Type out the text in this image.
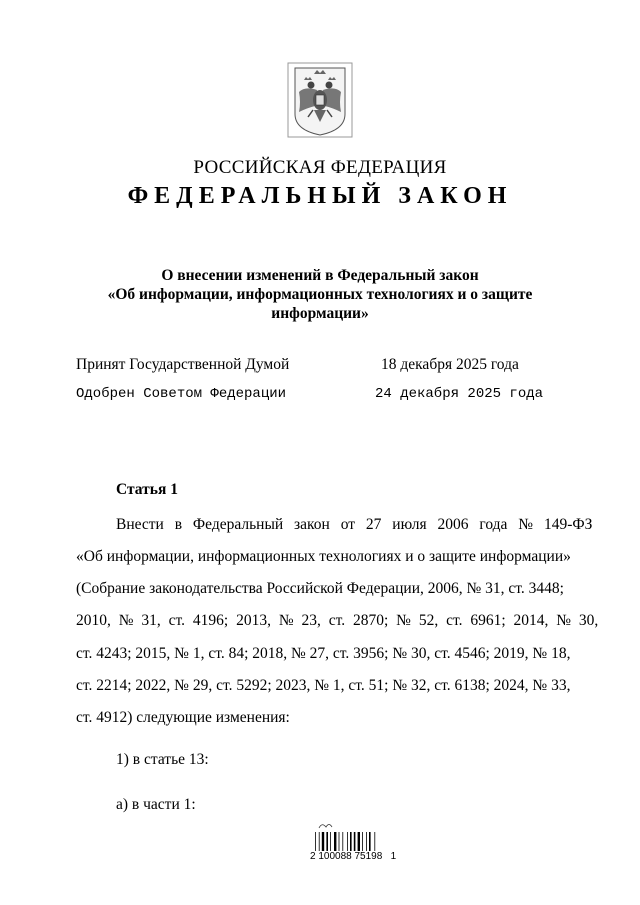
РОССИЙСКАЯ ФЕДЕРАЦИЯ
ФЕДЕРАЛЬНЫЙ ЗАКОН
О внесении изменений в Федеральный закон
«Об информации, информационных технологиях и о защите
информации»
Принят Государственной Думой	18 декабря 2025 года
Одобрен Советом Федерации	24 декабря 2025 года
Статья 1
Внести в Федеральный закон от 27 июля 2006 года № 149-ФЗ
«Об информации, информационных технологиях и о защите информации»
(Собрание законодательства Российской Федерации, 2006, № 31, ст. 3448;
2010, № 31, ст. 4196; 2013, № 23, ст. 2870; № 52, ст. 6961; 2014, № 30,
ст. 4243; 2015, № 1, ст. 84; 2018, № 27, ст. 3956; № 30, ст. 4546; 2019, № 18,
ст. 2214; 2022, № 29, ст. 5292; 2023, № 1, ст. 51; № 32, ст. 6138; 2024, № 33,
ст. 4912) следующие изменения:
1) в статье 13:
а) в части 1:
2 100088 75198   1
